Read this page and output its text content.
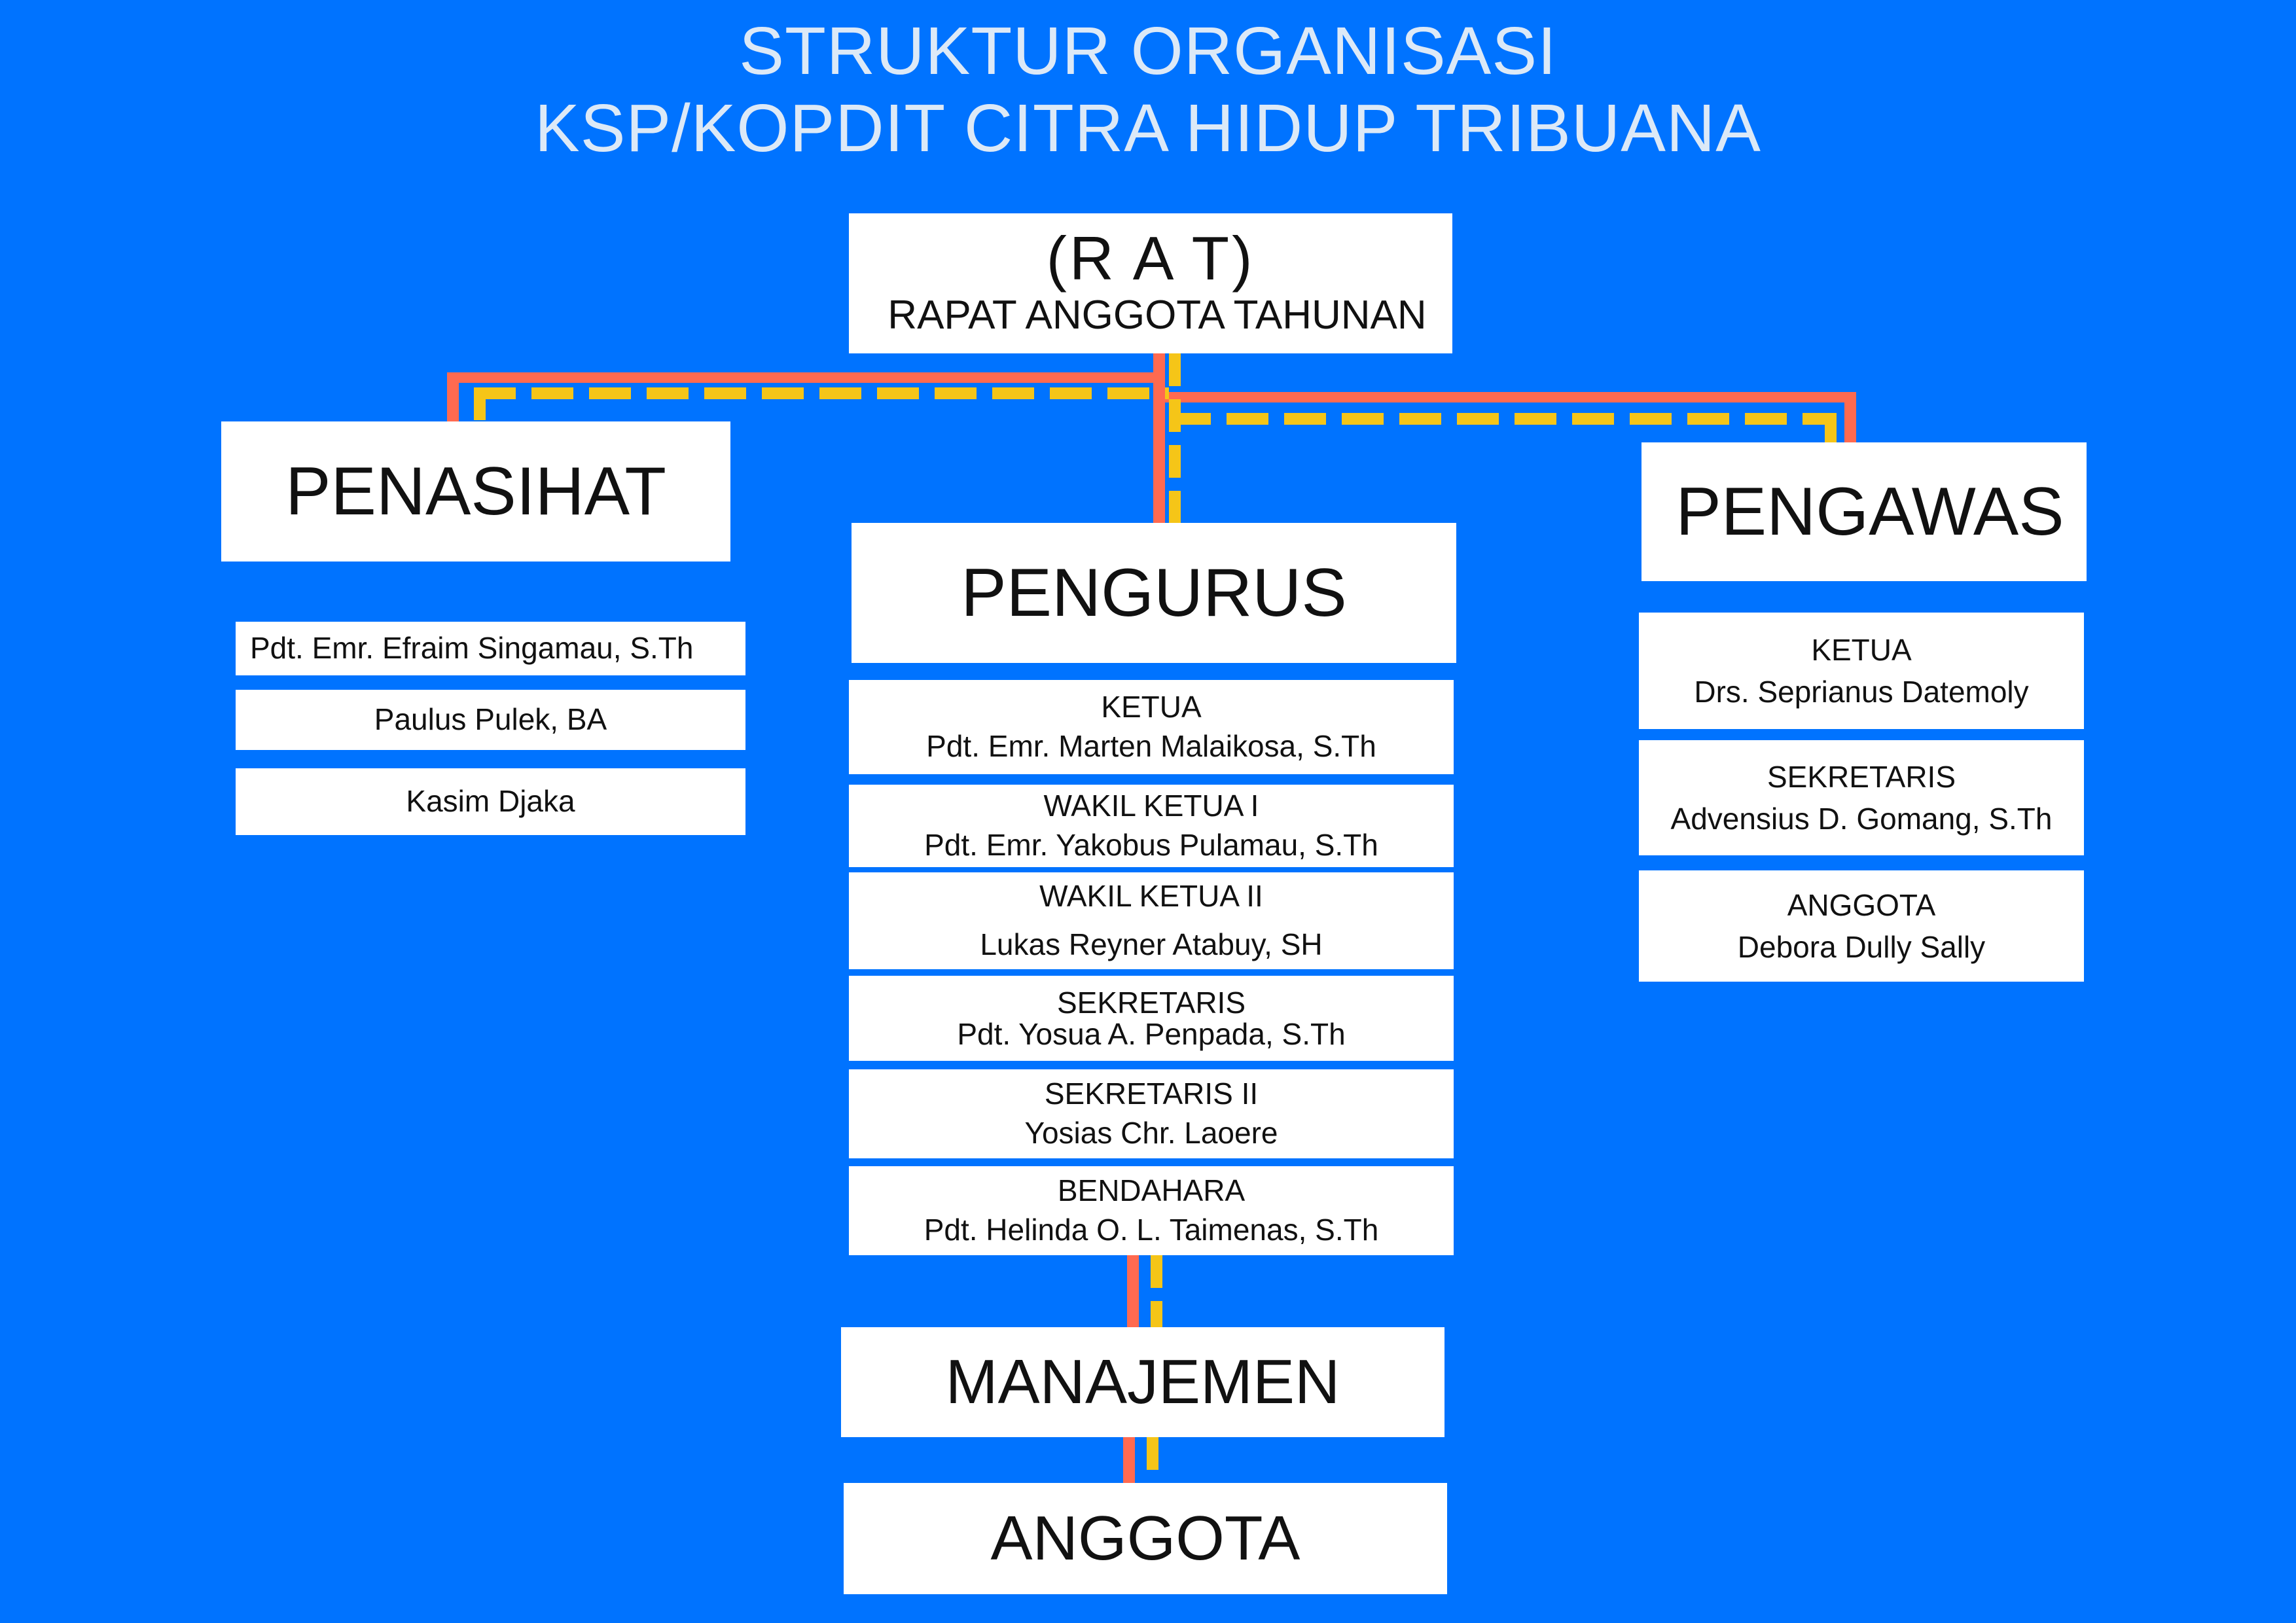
STRUKTUR ORGANISASI
KSP/KOPDIT CITRA HIDUP TRIBUANA
(R A T)
RAPAT ANGGOTA TAHUNAN
PENASIHAT
Pdt. Emr. Efraim Singamau, S.Th
Paulus Pulek, BA
Kasim Djaka
PENGURUS
KETUA
Pdt. Emr. Marten Malaikosa, S.Th
WAKIL KETUA I
Pdt. Emr. Yakobus Pulamau, S.Th
WAKIL KETUA II
Lukas Reyner Atabuy, SH
SEKRETARIS
Pdt. Yosua A. Penpada, S.Th
SEKRETARIS II
Yosias Chr. Laoere
BENDAHARA
Pdt. Helinda O. L. Taimenas, S.Th
PENGAWAS
KETUA
Drs. Seprianus Datemoly
SEKRETARIS
Advensius D. Gomang, S.Th
ANGGOTA
Debora Dully Sally
MANAJEMEN
ANGGOTA
